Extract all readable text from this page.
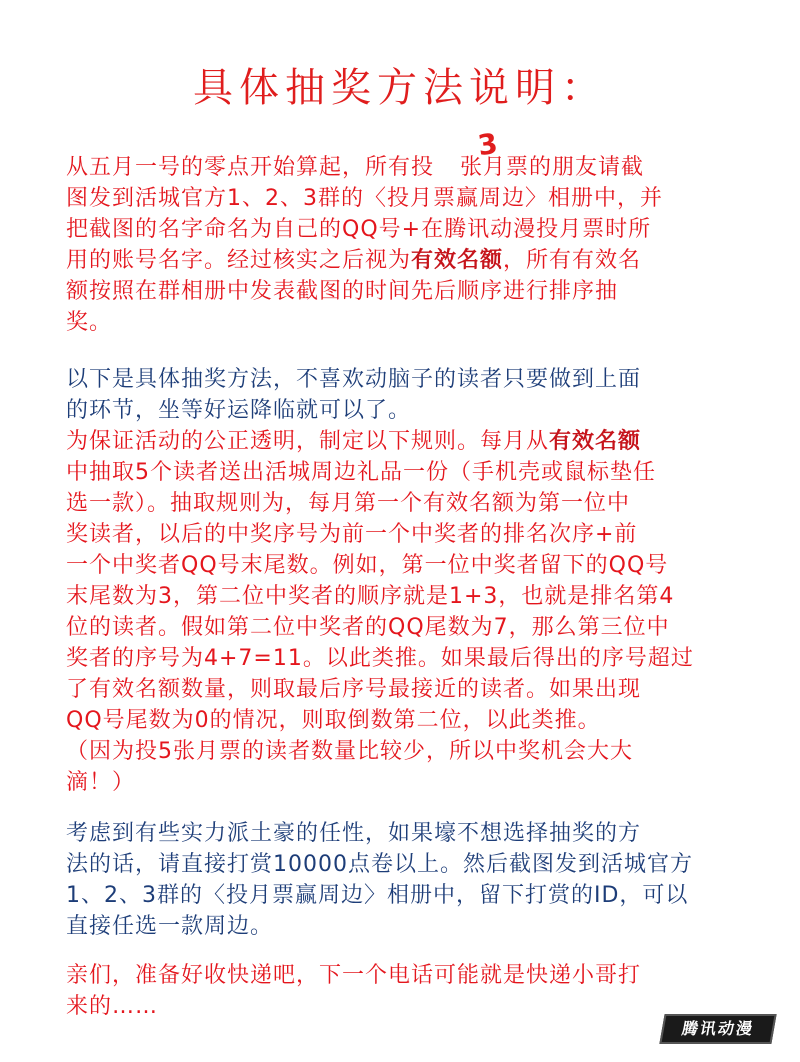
具体抽奖方法说明：
3
从五月一号的零点开始算起，所有投 张月票的朋友请截
图发到活城官方1、2、3群的〈投月票赢周边〉相册中，并
把截图的名字命名为自己的QQ号+在腾讯动漫投月票时所
用的账号名字。经过核实之后视为有效名额，所有有效名
额按照在群相册中发表截图的时间先后顺序进行排序抽
奖。
以下是具体抽奖方法，不喜欢动脑子的读者只要做到上面
的环节，坐等好运降临就可以了。
为保证活动的公正透明，制定以下规则。每月从有效名额
中抽取5个读者送出活城周边礼品一份（手机壳或鼠标垫任
选一款）。抽取规则为，每月第一个有效名额为第一位中
奖读者，以后的中奖序号为前一个中奖者的排名次序+前
一个中奖者QQ号末尾数。例如，第一位中奖者留下的QQ号
末尾数为3，第二位中奖者的顺序就是1+3，也就是排名第4
位的读者。假如第二位中奖者的QQ尾数为7，那么第三位中
奖者的序号为4+7=11。以此类推。如果最后得出的序号超过
了有效名额数量，则取最后序号最接近的读者。如果出现
QQ号尾数为0的情况，则取倒数第二位，以此类推。
（因为投5张月票的读者数量比较少，所以中奖机会大大
滴！）
考虑到有些实力派土豪的任性，如果壕不想选择抽奖的方
法的话，请直接打赏10000点卷以上。然后截图发到活城官方
1、2、3群的〈投月票赢周边〉相册中，留下打赏的ID，可以
直接任选一款周边。
亲们，准备好收快递吧，下一个电话可能就是快递小哥打
来的……
腾讯动漫
